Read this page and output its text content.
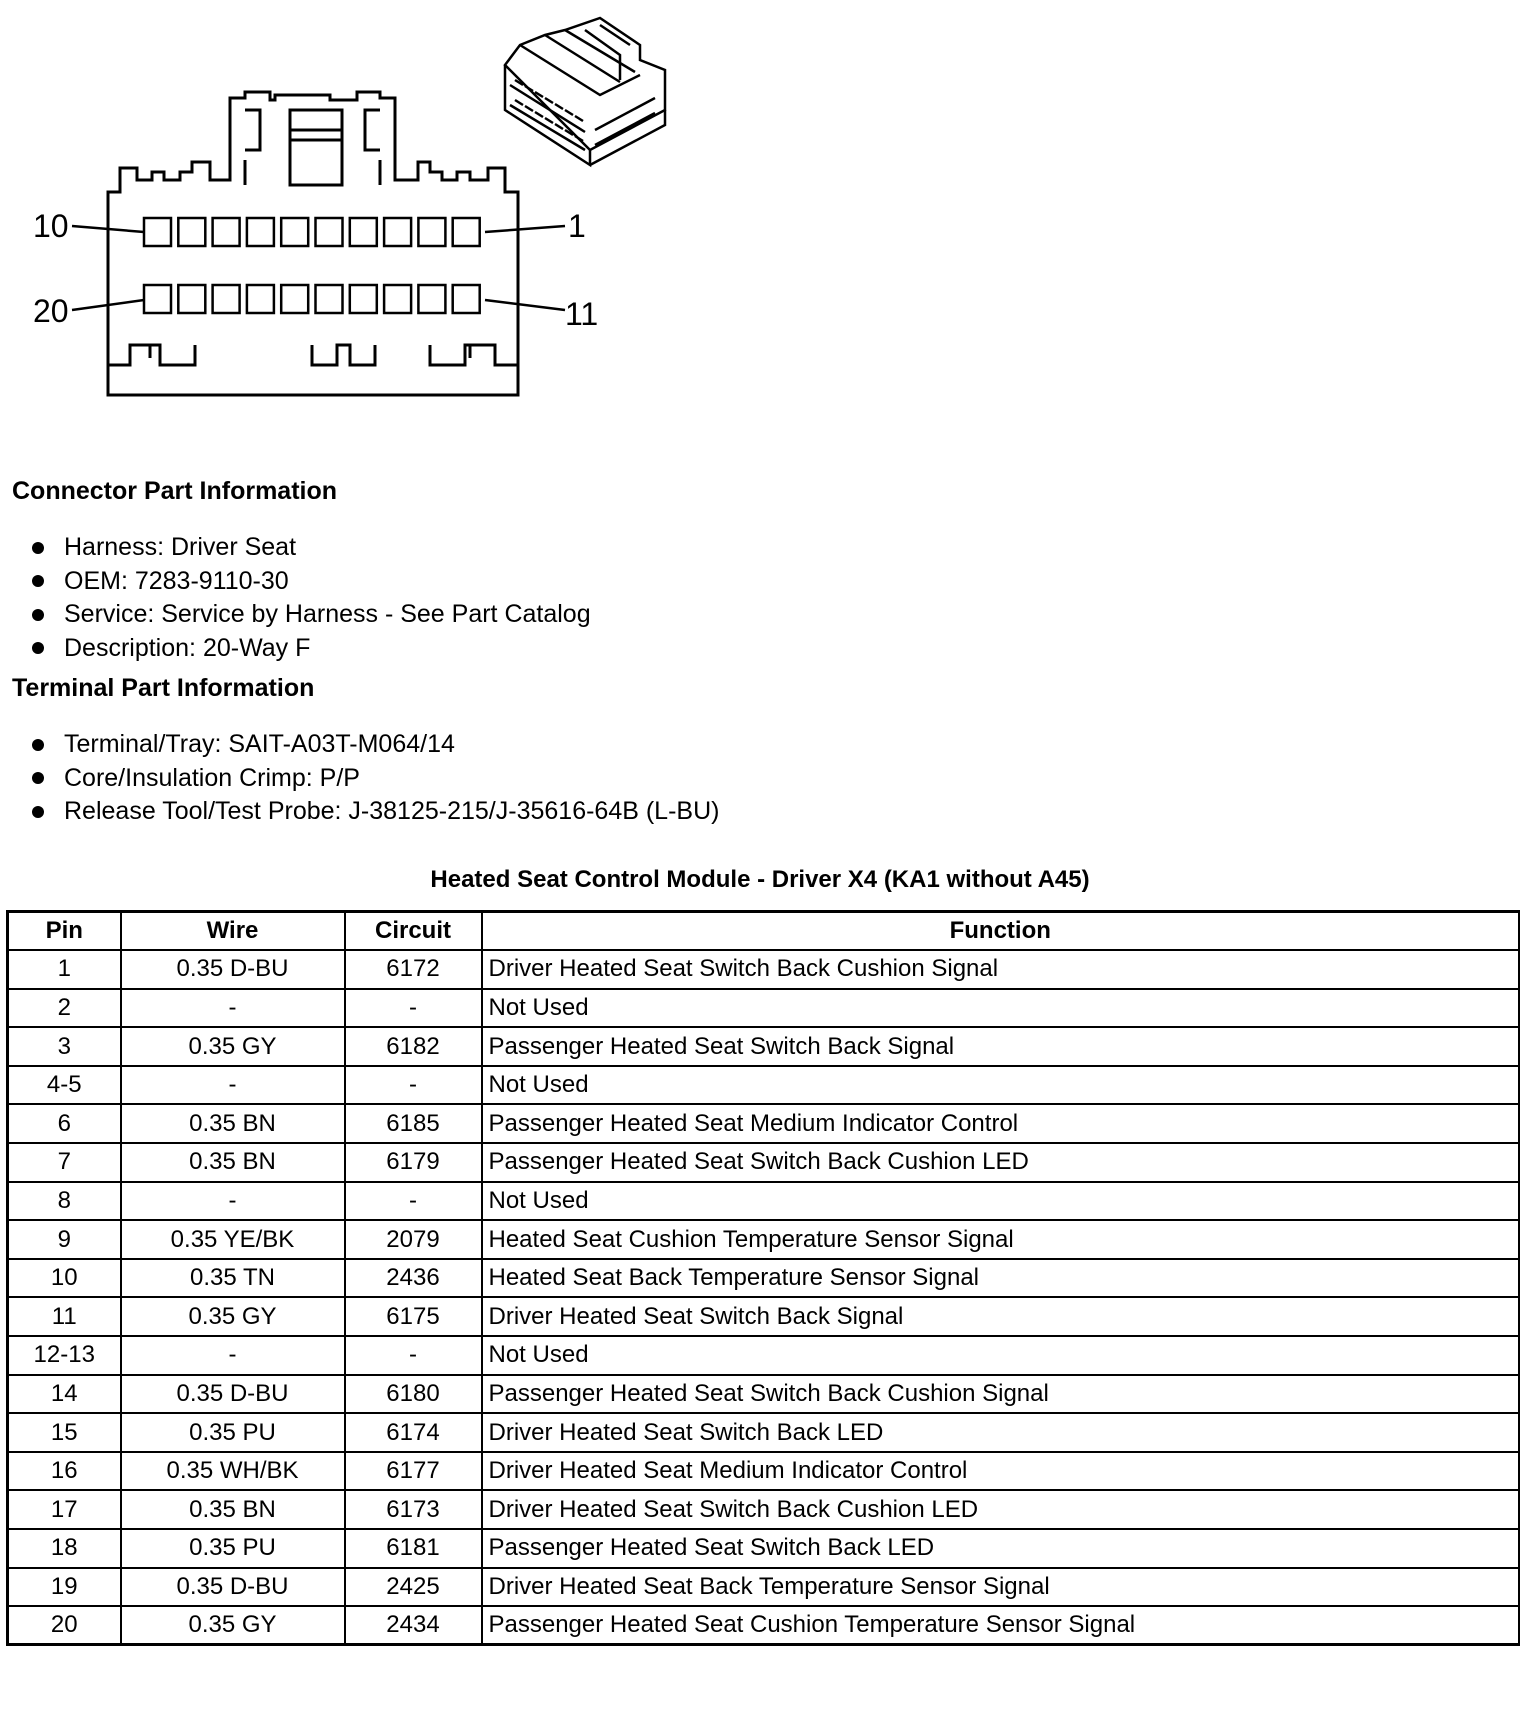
10	1
20	11
Connector Part Information
Harness: Driver Seat
OEM: 7283-9110-30
Service: Service by Harness - See Part Catalog
Description: 20-Way F
Terminal Part Information
Terminal/Tray: SAIT-A03T-M064/14
Core/Insulation Crimp: P/P
Release Tool/Test Probe: J-38125-215/J-35616-64B (L-BU)
Heated Seat Control Module - Driver X4 (KA1 without A45)
Pin	Wire	Circuit	Function
1	0.35 D-BU	6172	Driver Heated Seat Switch Back Cushion Signal
2	-	-	Not Used
3	0.35 GY	6182	Passenger Heated Seat Switch Back Signal
4-5	-	-	Not Used
6	0.35 BN	6185	Passenger Heated Seat Medium Indicator Control
7	0.35 BN	6179	Passenger Heated Seat Switch Back Cushion LED
8	-	-	Not Used
9	0.35 YE/BK	2079	Heated Seat Cushion Temperature Sensor Signal
10	0.35 TN	2436	Heated Seat Back Temperature Sensor Signal
11	0.35 GY	6175	Driver Heated Seat Switch Back Signal
12-13	-	-	Not Used
14	0.35 D-BU	6180	Passenger Heated Seat Switch Back Cushion Signal
15	0.35 PU	6174	Driver Heated Seat Switch Back LED
16	0.35 WH/BK	6177	Driver Heated Seat Medium Indicator Control
17	0.35 BN	6173	Driver Heated Seat Switch Back Cushion LED
18	0.35 PU	6181	Passenger Heated Seat Switch Back LED
19	0.35 D-BU	2425	Driver Heated Seat Back Temperature Sensor Signal
20	0.35 GY	2434	Passenger Heated Seat Cushion Temperature Sensor Signal
